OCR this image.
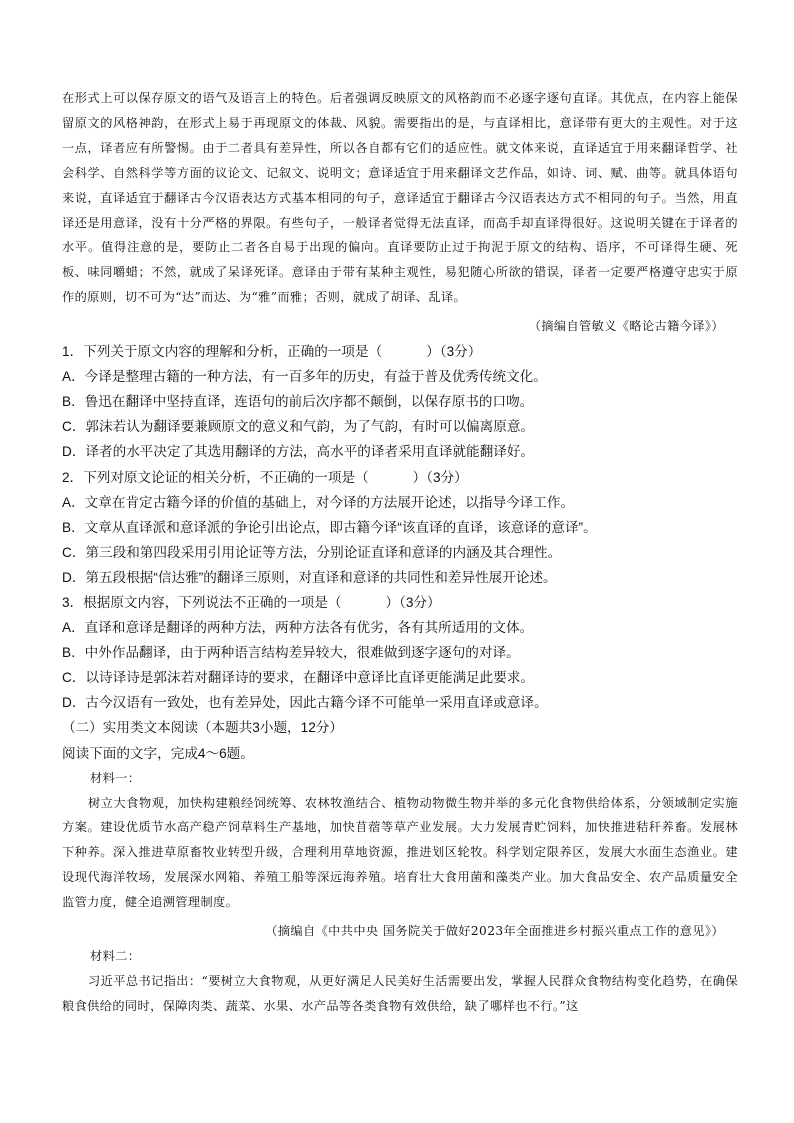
在形式上可以保存原文的语气及语言上的特色。后者强调反映原文的风格韵而不必逐字逐句直译。其优点，在内容上能保留原文的风格神韵，在形式上易于再现原文的体裁、风貌。需要指出的是，与直译相比，意译带有更大的主观性。对于这一点，译者应有所警惕。由于二者具有差异性，所以各自都有它们的适应性。就文体来说，直译适宜于用来翻译哲学、社会科学、自然科学等方面的议论文、记叙文、说明文；意译适宜于用来翻译文艺作品，如诗、词、赋、曲等。就具体语句来说，直译适宜于翻译古今汉语表达方式基本相同的句子，意译适宜于翻译古今汉语表达方式不相同的句子。当然，用直译还是用意译，没有十分严格的界限。有些句子，一般译者觉得无法直译，而高手却直译得很好。这说明关键在于译者的水平。值得注意的是，要防止二者各自易于出现的偏向。直译要防止过于拘泥于原文的结构、语序，不可译得生硬、死板、味同嚼蜡；不然，就成了呆译死译。意译由于带有某种主观性，易犯随心所欲的错误，译者一定要严格遵守忠实于原作的原则，切不可为“达”而达、为“雅”而雅；否则，就成了胡译、乱译。

（摘编自管敏义《略论古籍今译》）
1．下列关于原文内容的理解和分析，正确的一项是（	）（3分）
A．今译是整理古籍的一种方法，有一百多年的历史，有益于普及优秀传统文化。
B．鲁迅在翻译中坚持直译，连语句的前后次序都不颠倒，以保存原书的口吻。
C．郭沫若认为翻译要兼顾原文的意义和气韵，为了气韵，有时可以偏离原意。
D．译者的水平决定了其选用翻译的方法，高水平的译者采用直译就能翻译好。
2．下列对原文论证的相关分析，不正确的一项是（	）（3分）
A．文章在肯定古籍今译的价值的基础上，对今译的方法展开论述，以指导今译工作。
B．文章从直译派和意译派的争论引出论点，即古籍今译“该直译的直译，该意译的意译”。
C．第三段和第四段采用引用论证等方法，分别论证直译和意译的内涵及其合理性。
D．第五段根据“信达雅”的翻译三原则，对直译和意译的共同性和差异性展开论述。
3．根据原文内容，下列说法不正确的一项是（	）（3分）
A．直译和意译是翻译的两种方法，两种方法各有优劣，各有其所适用的文体。
B．中外作品翻译，由于两种语言结构差异较大，很难做到逐字逐句的对译。
C．以诗译诗是郭沫若对翻译诗的要求，在翻译中意译比直译更能满足此要求。
D．古今汉语有一致处，也有差异处，因此古籍今译不可能单一采用直译或意译。
（二）实用类文本阅读（本题共3小题，12分）
阅读下面的文字，完成4～6题。
材料一：

树立大食物观，加快构建粮经饲统筹、农林牧渔结合、植物动物微生物并举的多元化食物供给体系，分领域制定实施方案。建设优质节水高产稳产饲草料生产基地，加快苜蓿等草产业发展。大力发展青贮饲料，加快推进秸秆养畜。发展林下种养。深入推进草原畜牧业转型升级，合理利用草地资源，推进划区轮牧。科学划定限养区，发展大水面生态渔业。建设现代海洋牧场，发展深水网箱、养殖工船等深远海养殖。培育壮大食用菌和藻类产业。加大食品安全、农产品质量安全监管力度，健全追溯管理制度。

（摘编自《中共中央 国务院关于做好2023年全面推进乡村振兴重点工作的意见》）
材料二：

习近平总书记指出：“要树立大食物观，从更好满足人民美好生活需要出发，掌握人民群众食物结构变化趋势，在确保粮食供给的同时，保障肉类、蔬菜、水果、水产品等各类食物有效供给，缺了哪样也不行。”这
